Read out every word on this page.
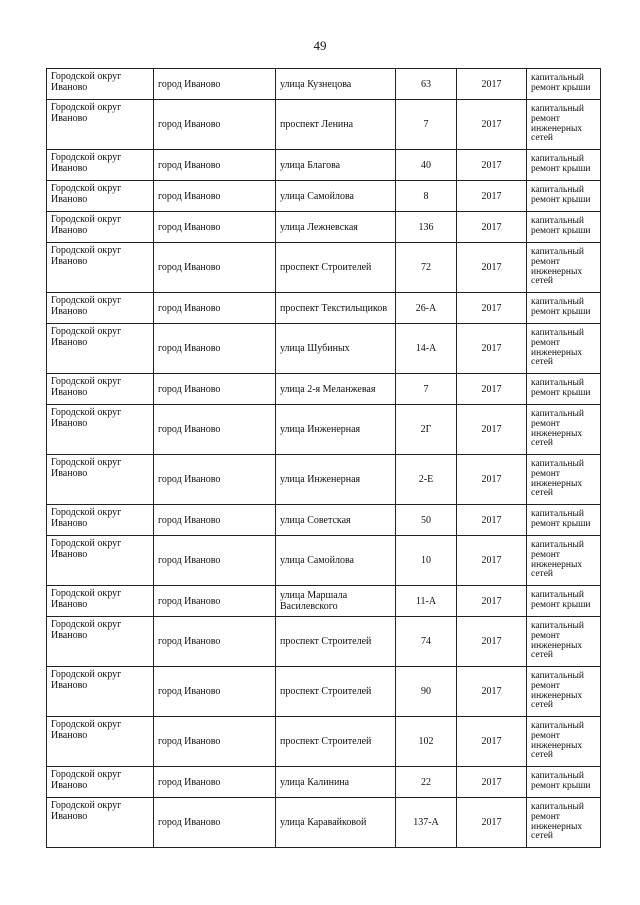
49
Городской округ Иваново	город Иваново	улица Кузнецова	63	2017	капитальный ремонт крыши
Городской округ Иваново	город Иваново	проспект Ленина	7	2017	капитальный ремонт инженерных сетей
Городской округ Иваново	город Иваново	улица Благова	40	2017	капитальный ремонт крыши
Городской округ Иваново	город Иваново	улица Самойлова	8	2017	капитальный ремонт крыши
Городской округ Иваново	город Иваново	улица Лежневская	136	2017	капитальный ремонт крыши
Городской округ Иваново	город Иваново	проспект Строителей	72	2017	капитальный ремонт инженерных сетей
Городской округ Иваново	город Иваново	проспект Текстильщиков	26-А	2017	капитальный ремонт крыши
Городской округ Иваново	город Иваново	улица Шубиных	14-А	2017	капитальный ремонт инженерных сетей
Городской округ Иваново	город Иваново	улица 2-я Меланжевая	7	2017	капитальный ремонт крыши
Городской округ Иваново	город Иваново	улица Инженерная	2Г	2017	капитальный ремонт инженерных сетей
Городской округ Иваново	город Иваново	улица Инженерная	2-Е	2017	капитальный ремонт инженерных сетей
Городской округ Иваново	город Иваново	улица Советская	50	2017	капитальный ремонт крыши
Городской округ Иваново	город Иваново	улица Самойлова	10	2017	капитальный ремонт инженерных сетей
Городской округ Иваново	город Иваново	улица Маршала Василевского	11-А	2017	капитальный ремонт крыши
Городской округ Иваново	город Иваново	проспект Строителей	74	2017	капитальный ремонт инженерных сетей
Городской округ Иваново	город Иваново	проспект Строителей	90	2017	капитальный ремонт инженерных сетей
Городской округ Иваново	город Иваново	проспект Строителей	102	2017	капитальный ремонт инженерных сетей
Городской округ Иваново	город Иваново	улица Калинина	22	2017	капитальный ремонт крыши
Городской округ Иваново	город Иваново	улица Каравайковой	137-А	2017	капитальный ремонт инженерных сетей
